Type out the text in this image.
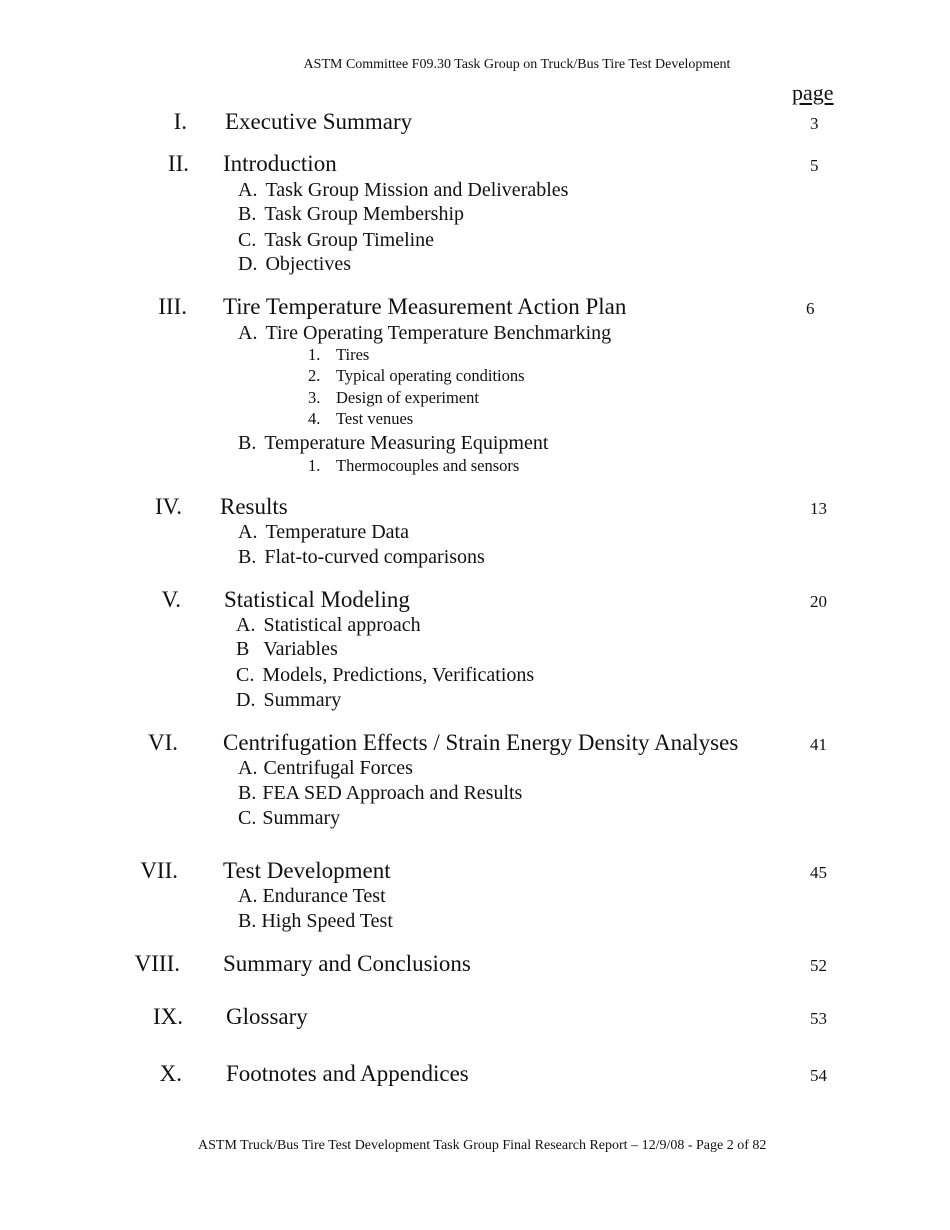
ASTM Committee F09.30 Task Group on Truck/Bus Tire Test Development
page
I. Executive Summary	3
II. Introduction	5
A. Task Group Mission and Deliverables
B. Task Group Membership
C. Task Group Timeline
D. Objectives
III. Tire Temperature Measurement Action Plan	6
A. Tire Operating Temperature Benchmarking
1. Tires
2. Typical operating conditions
3. Design of experiment
4. Test venues
B. Temperature Measuring Equipment
1. Thermocouples and sensors
IV. Results	13
A. Temperature Data
B. Flat-to-curved comparisons
V. Statistical Modeling	20
A. Statistical approach
B Variables
C. Models, Predictions, Verifications
D. Summary
VI. Centrifugation Effects / Strain Energy Density Analyses	41
A. Centrifugal Forces
B. FEA SED Approach and Results
C. Summary
VII. Test Development	45
A. Endurance Test
B. High Speed Test
VIII. Summary and Conclusions	52
IX. Glossary	53
X. Footnotes and Appendices	54
ASTM Truck/Bus Tire Test Development Task Group Final Research Report – 12/9/08 - Page 2 of 82
